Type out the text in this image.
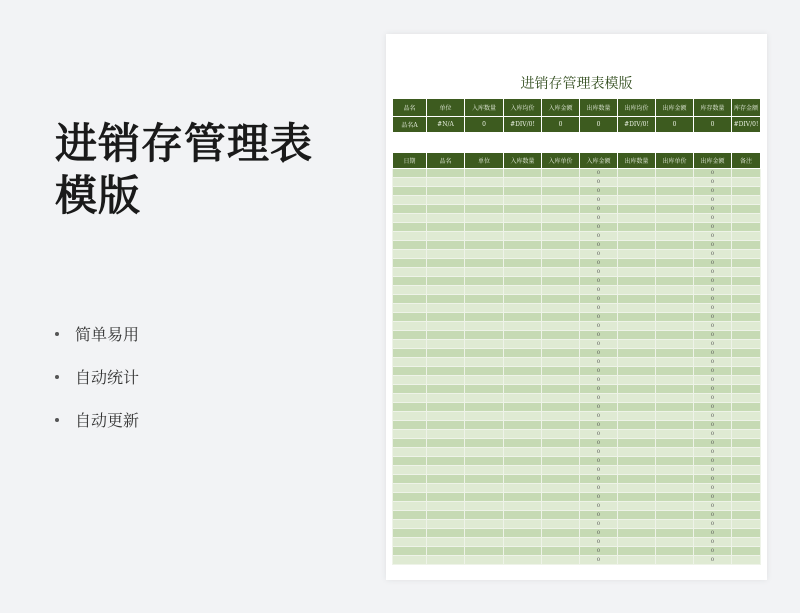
进销存管理表模版
简单易用
自动统计
自动更新
进销存管理表模版
品名	单位	入库数量	入库均价	入库金额	出库数量	出库均价	出库金额	库存数量	库存金额
品名A	#N/A	0	#DIV/0!	0	0	#DIV/0!	0	0	#DIV/0!
日期	品名	单位	入库数量	入库单价	入库金额	出库数量	出库单价	出库金额	备注
					0			0	
					0			0	
					0			0	
					0			0	
					0			0	
					0			0	
					0			0	
					0			0	
					0			0	
					0			0	
					0			0	
					0			0	
					0			0	
					0			0	
					0			0	
					0			0	
					0			0	
					0			0	
					0			0	
					0			0	
					0			0	
					0			0	
					0			0	
					0			0	
					0			0	
					0			0	
					0			0	
					0			0	
					0			0	
					0			0	
					0			0	
					0			0	
					0			0	
					0			0	
					0			0	
					0			0	
					0			0	
					0			0	
					0			0	
					0			0	
					0			0	
					0			0	
					0			0	
					0			0	
